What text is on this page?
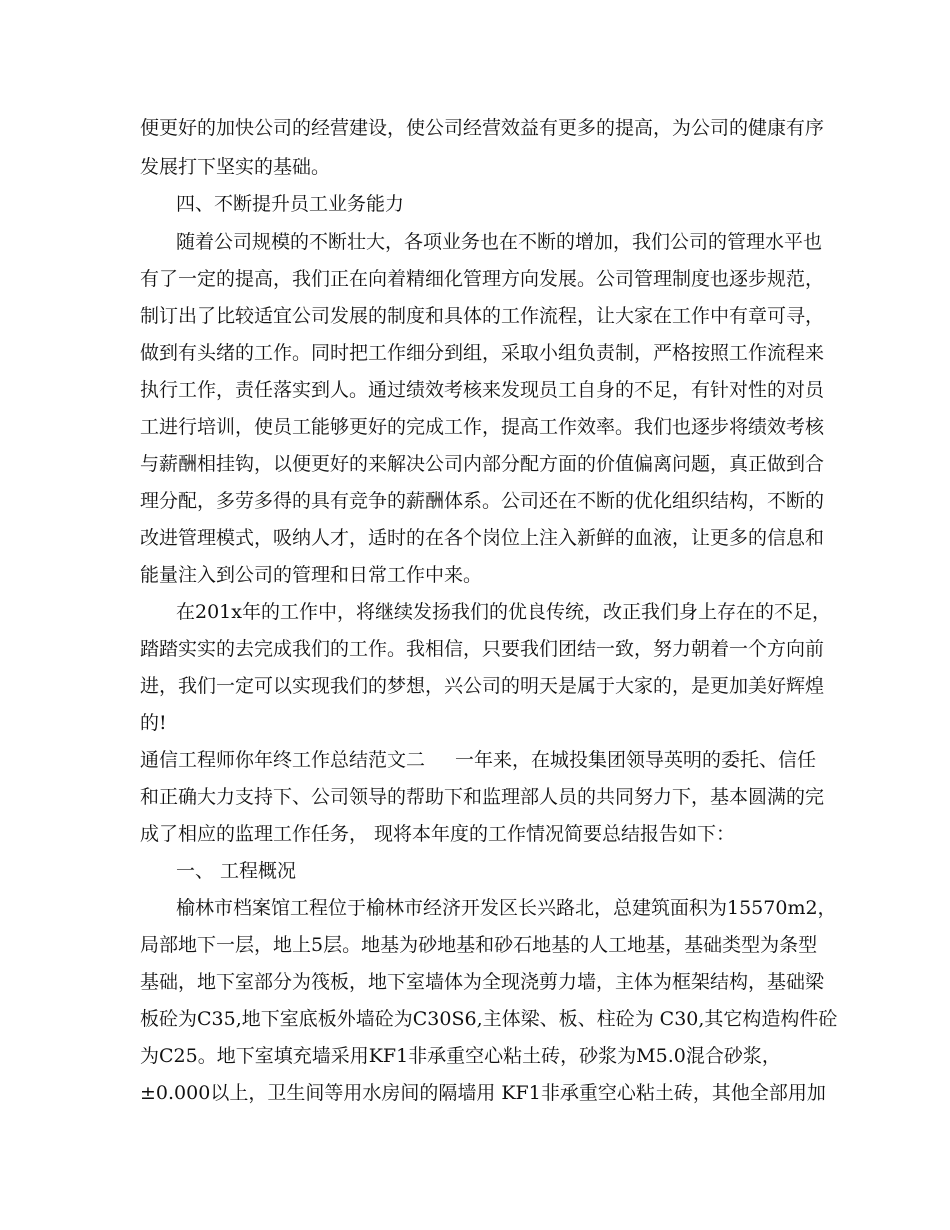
便更好的加快公司的经营建设，使公司经营效益有更多的提高，为公司的健康有序
发展打下坚实的基础。
四、不断提升员工业务能力
随着公司规模的不断壮大，各项业务也在不断的增加，我们公司的管理水平也
有了一定的提高，我们正在向着精细化管理方向发展。公司管理制度也逐步规范，
制订出了比较适宜公司发展的制度和具体的工作流程，让大家在工作中有章可寻，
做到有头绪的工作。同时把工作细分到组，采取小组负责制，严格按照工作流程来
执行工作，责任落实到人。通过绩效考核来发现员工自身的不足，有针对性的对员
工进行培训，使员工能够更好的完成工作，提高工作效率。我们也逐步将绩效考核
与薪酬相挂钩，以便更好的来解决公司内部分配方面的价值偏离问题，真正做到合
理分配，多劳多得的具有竞争的薪酬体系。公司还在不断的优化组织结构，不断的
改进管理模式，吸纳人才，适时的在各个岗位上注入新鲜的血液，让更多的信息和
能量注入到公司的管理和日常工作中来。
在201x年的工作中，将继续发扬我们的优良传统，改正我们身上存在的不足，
踏踏实实的去完成我们的工作。我相信，只要我们团结一致，努力朝着一个方向前
进，我们一定可以实现我们的梦想，兴公司的明天是属于大家的，是更加美好辉煌
的!
通信工程师你年终工作总结范文二 一年来，在城投集团领导英明的委托、信任
和正确大力支持下、公司领导的帮助下和监理部人员的共同努力下，基本圆满的完
成了相应的监理工作任务， 现将本年度的工作情况简要总结报告如下：
一、 工程概况
榆林市档案馆工程位于榆林市经济开发区长兴路北，总建筑面积为15570m2，
局部地下一层，地上5层。地基为砂地基和砂石地基的人工地基，基础类型为条型
基础，地下室部分为筏板，地下室墙体为全现浇剪力墙，主体为框架结构，基础梁
板砼为C35,地下室底板外墙砼为C30S6,主体梁、板、柱砼为 C30,其它构造构件砼
为C25。地下室填充墙采用KF1非承重空心粘土砖，砂浆为M5.0混合砂浆，
±0.000以上，卫生间等用水房间的隔墙用 KF1非承重空心粘土砖，其他全部用加
